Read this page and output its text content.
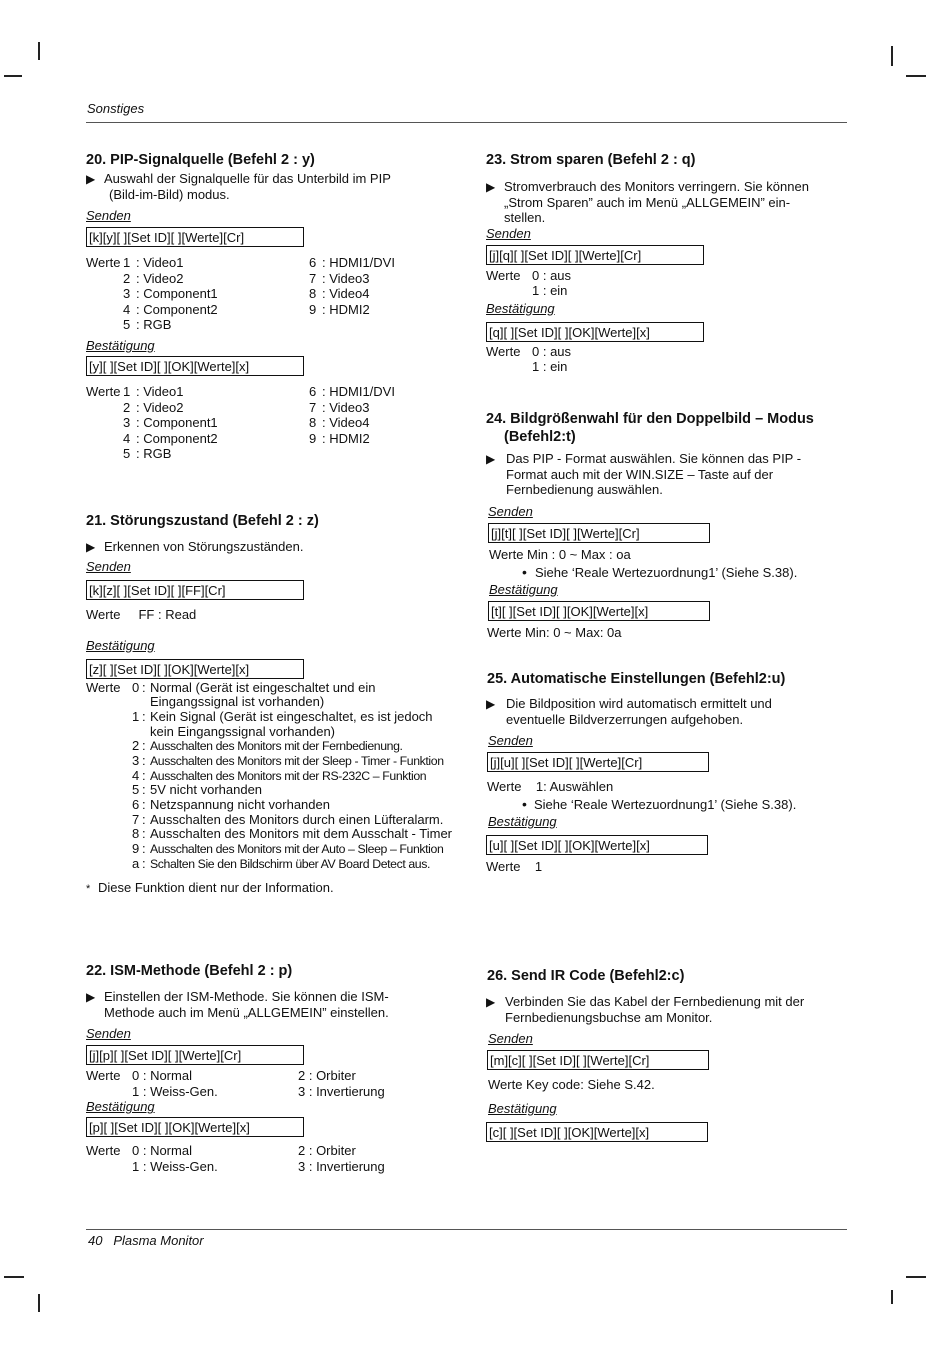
Sonstiges
40 Plasma Monitor
20. PIP-Signalquelle (Befehl 2 : y)
▶ Auswahl der Signalquelle für das Unterbild im PIP
(Bild-im-Bild) modus.
Senden
[k][y][ ][Set ID][ ][Werte][Cr]
Werte 1 : Video1	6 : HDMI1/DVI
2 : Video2	7 : Video3
3 : Component1	8 : Video4
4 : Component2	9 : HDMI2
5 : RGB
Bestätigung
[y][ ][Set ID][ ][OK][Werte][x]
Werte 1 : Video1	6 : HDMI1/DVI
2 : Video2	7 : Video3
3 : Component1	8 : Video4
4 : Component2	9 : HDMI2
5 : RGB
21. Störungszustand (Befehl 2 : z)
▶ Erkennen von Störungszuständen.
Senden
[k][z][ ][Set ID][ ][FF][Cr]
Werte     FF : Read
Bestätigung
[z][ ][Set ID][ ][OK][Werte][x]
Werte 0 : Normal (Gerät ist eingeschaltet und ein
Eingangssignal ist vorhanden)
1 : Kein Signal (Gerät ist eingeschaltet, es ist jedoch
kein Eingangssignal vorhanden)
2 : Ausschalten des Monitors mit der Fernbedienung.
3 : Ausschalten des Monitors mit der Sleep - Timer - Funktion
4 : Ausschalten des Monitors mit der RS-232C – Funktion
5 : 5V nicht vorhanden
6 : Netzspannung nicht vorhanden
7 : Ausschalten des Monitors durch einen Lüfteralarm.
8 : Ausschalten des Monitors mit dem Ausschalt - Timer
9 : Ausschalten des Monitors mit der Auto – Sleep – Funktion
a : Schalten Sie den Bildschirm über AV Board Detect aus.
* Diese Funktion dient nur der Information.
22. ISM-Methode (Befehl 2 : p)
▶ Einstellen der ISM-Methode. Sie können die ISM-
Methode auch im Menü „ALLGEMEIN” einstellen.
Senden
[j][p][ ][Set ID][ ][Werte][Cr]
Werte 0 : Normal	2 : Orbiter
1 : Weiss-Gen.	3 : Invertierung
Bestätigung
[p][ ][Set ID][ ][OK][Werte][x]
Werte 0 : Normal	2 : Orbiter
1 : Weiss-Gen.	3 : Invertierung
23. Strom sparen (Befehl 2 : q)
▶ Stromverbrauch des Monitors verringern. Sie können
„Strom Sparen” auch im Menü „ALLGEMEIN” ein-
stellen.
Senden
[j][q][ ][Set ID][ ][Werte][Cr]
Werte 0 : aus
1 : ein
Bestätigung
[q][ ][Set ID][ ][OK][Werte][x]
Werte 0 : aus
1 : ein
24. Bildgrößenwahl für den Doppelbild – Modus
(Befehl2:t)
▶ Das PIP - Format auswählen. Sie können das PIP -
Format auch mit der WIN.SIZE – Taste auf der
Fernbedienung auswählen.
Senden
[j][t][ ][Set ID][ ][Werte][Cr]
Werte Min : 0 ~ Max : oa
• Siehe ‘Reale Wertezuordnung1’ (Siehe S.38).
Bestätigung
[t][ ][Set ID][ ][OK][Werte][x]
Werte Min: 0 ~ Max: 0a
25. Automatische Einstellungen (Befehl2:u)
▶ Die Bildposition wird automatisch ermittelt und
eventuelle Bildverzerrungen aufgehoben.
Senden
[j][u][ ][Set ID][ ][Werte][Cr]
Werte    1: Auswählen
• Siehe ‘Reale Wertezuordnung1’ (Siehe S.38).
Bestätigung
[u][ ][Set ID][ ][OK][Werte][x]
Werte    1
26. Send IR Code (Befehl2:c)
▶ Verbinden Sie das Kabel der Fernbedienung mit der
Fernbedienungsbuchse am Monitor.
Senden
[m][c][ ][Set ID][ ][Werte][Cr]
Werte Key code: Siehe S.42.
Bestätigung
[c][ ][Set ID][ ][OK][Werte][x]
